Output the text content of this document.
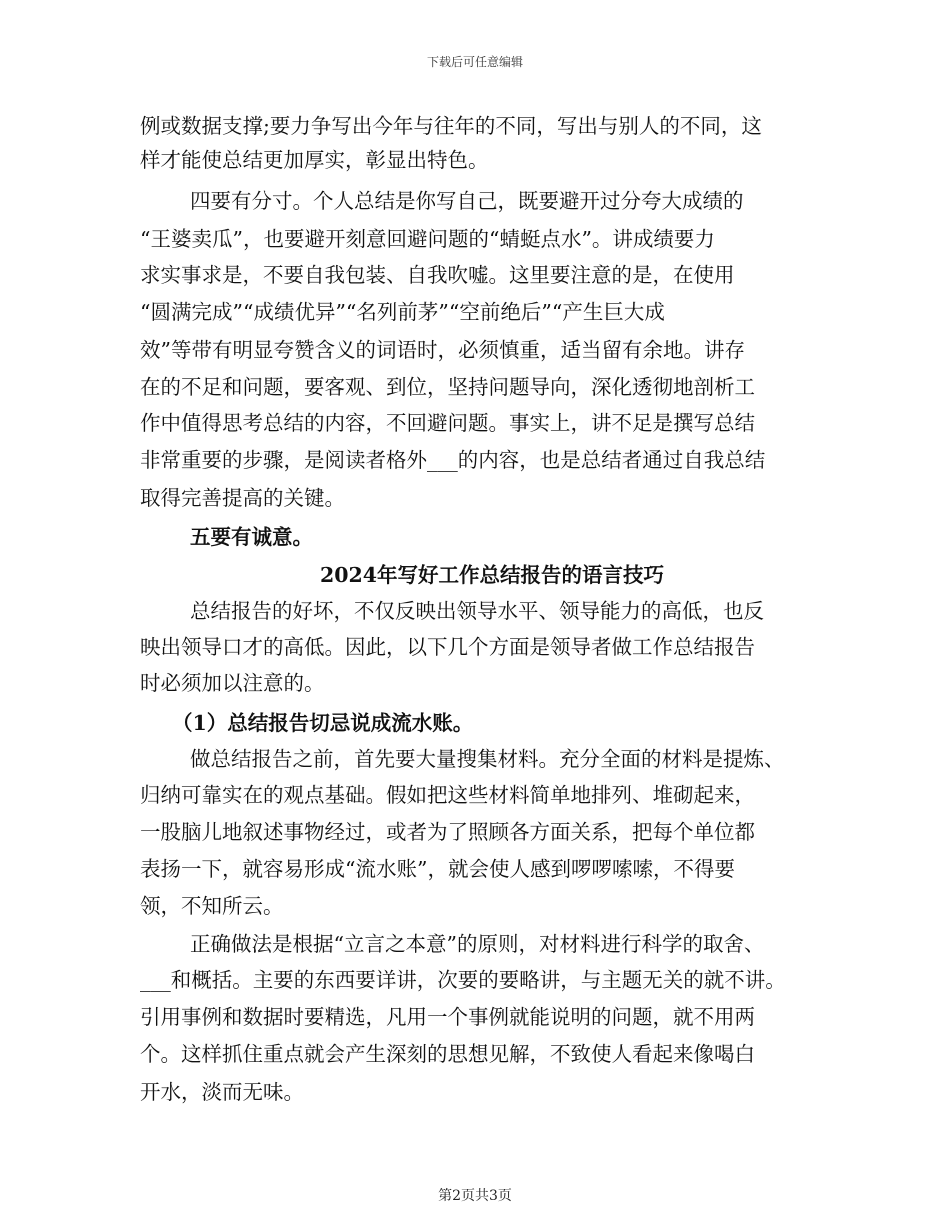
下载后可任意编辑
例或数据支撑;要力争写出今年与往年的不同，写出与别人的不同，这
样才能使总结更加厚实，彰显出特色。
四要有分寸。个人总结是你写自己，既要避开过分夸大成绩的
“王婆卖瓜”，也要避开刻意回避问题的“蜻蜓点水”。讲成绩要力
求实事求是，不要自我包装、自我吹嘘。这里要注意的是，在使用
“圆满完成”“成绩优异”“名列前茅”“空前绝后”“产生巨大成
效”等带有明显夸赞含义的词语时，必须慎重，适当留有余地。讲存
在的不足和问题，要客观、到位，坚持问题导向，深化透彻地剖析工
作中值得思考总结的内容，不回避问题。事实上，讲不足是撰写总结
非常重要的步骤，是阅读者格外___的内容，也是总结者通过自我总结
取得完善提高的关键。
五要有诚意。
2024年写好工作总结报告的语言技巧
总结报告的好坏，不仅反映出领导水平、领导能力的高低，也反
映出领导口才的高低。因此，以下几个方面是领导者做工作总结报告
时必须加以注意的。
（1）总结报告切忌说成流水账。
做总结报告之前，首先要大量搜集材料。充分全面的材料是提炼、
归纳可靠实在的观点基础。假如把这些材料简单地排列、堆砌起来，
一股脑儿地叙述事物经过，或者为了照顾各方面关系，把每个单位都
表扬一下，就容易形成“流水账”，就会使人感到啰啰嗦嗦，不得要
领，不知所云。
正确做法是根据“立言之本意”的原则，对材料进行科学的取舍、
___和概括。主要的东西要详讲，次要的要略讲，与主题无关的就不讲。
引用事例和数据时要精选，凡用一个事例就能说明的问题，就不用两
个。这样抓住重点就会产生深刻的思想见解，不致使人看起来像喝白
开水，淡而无味。
第2页共3页
